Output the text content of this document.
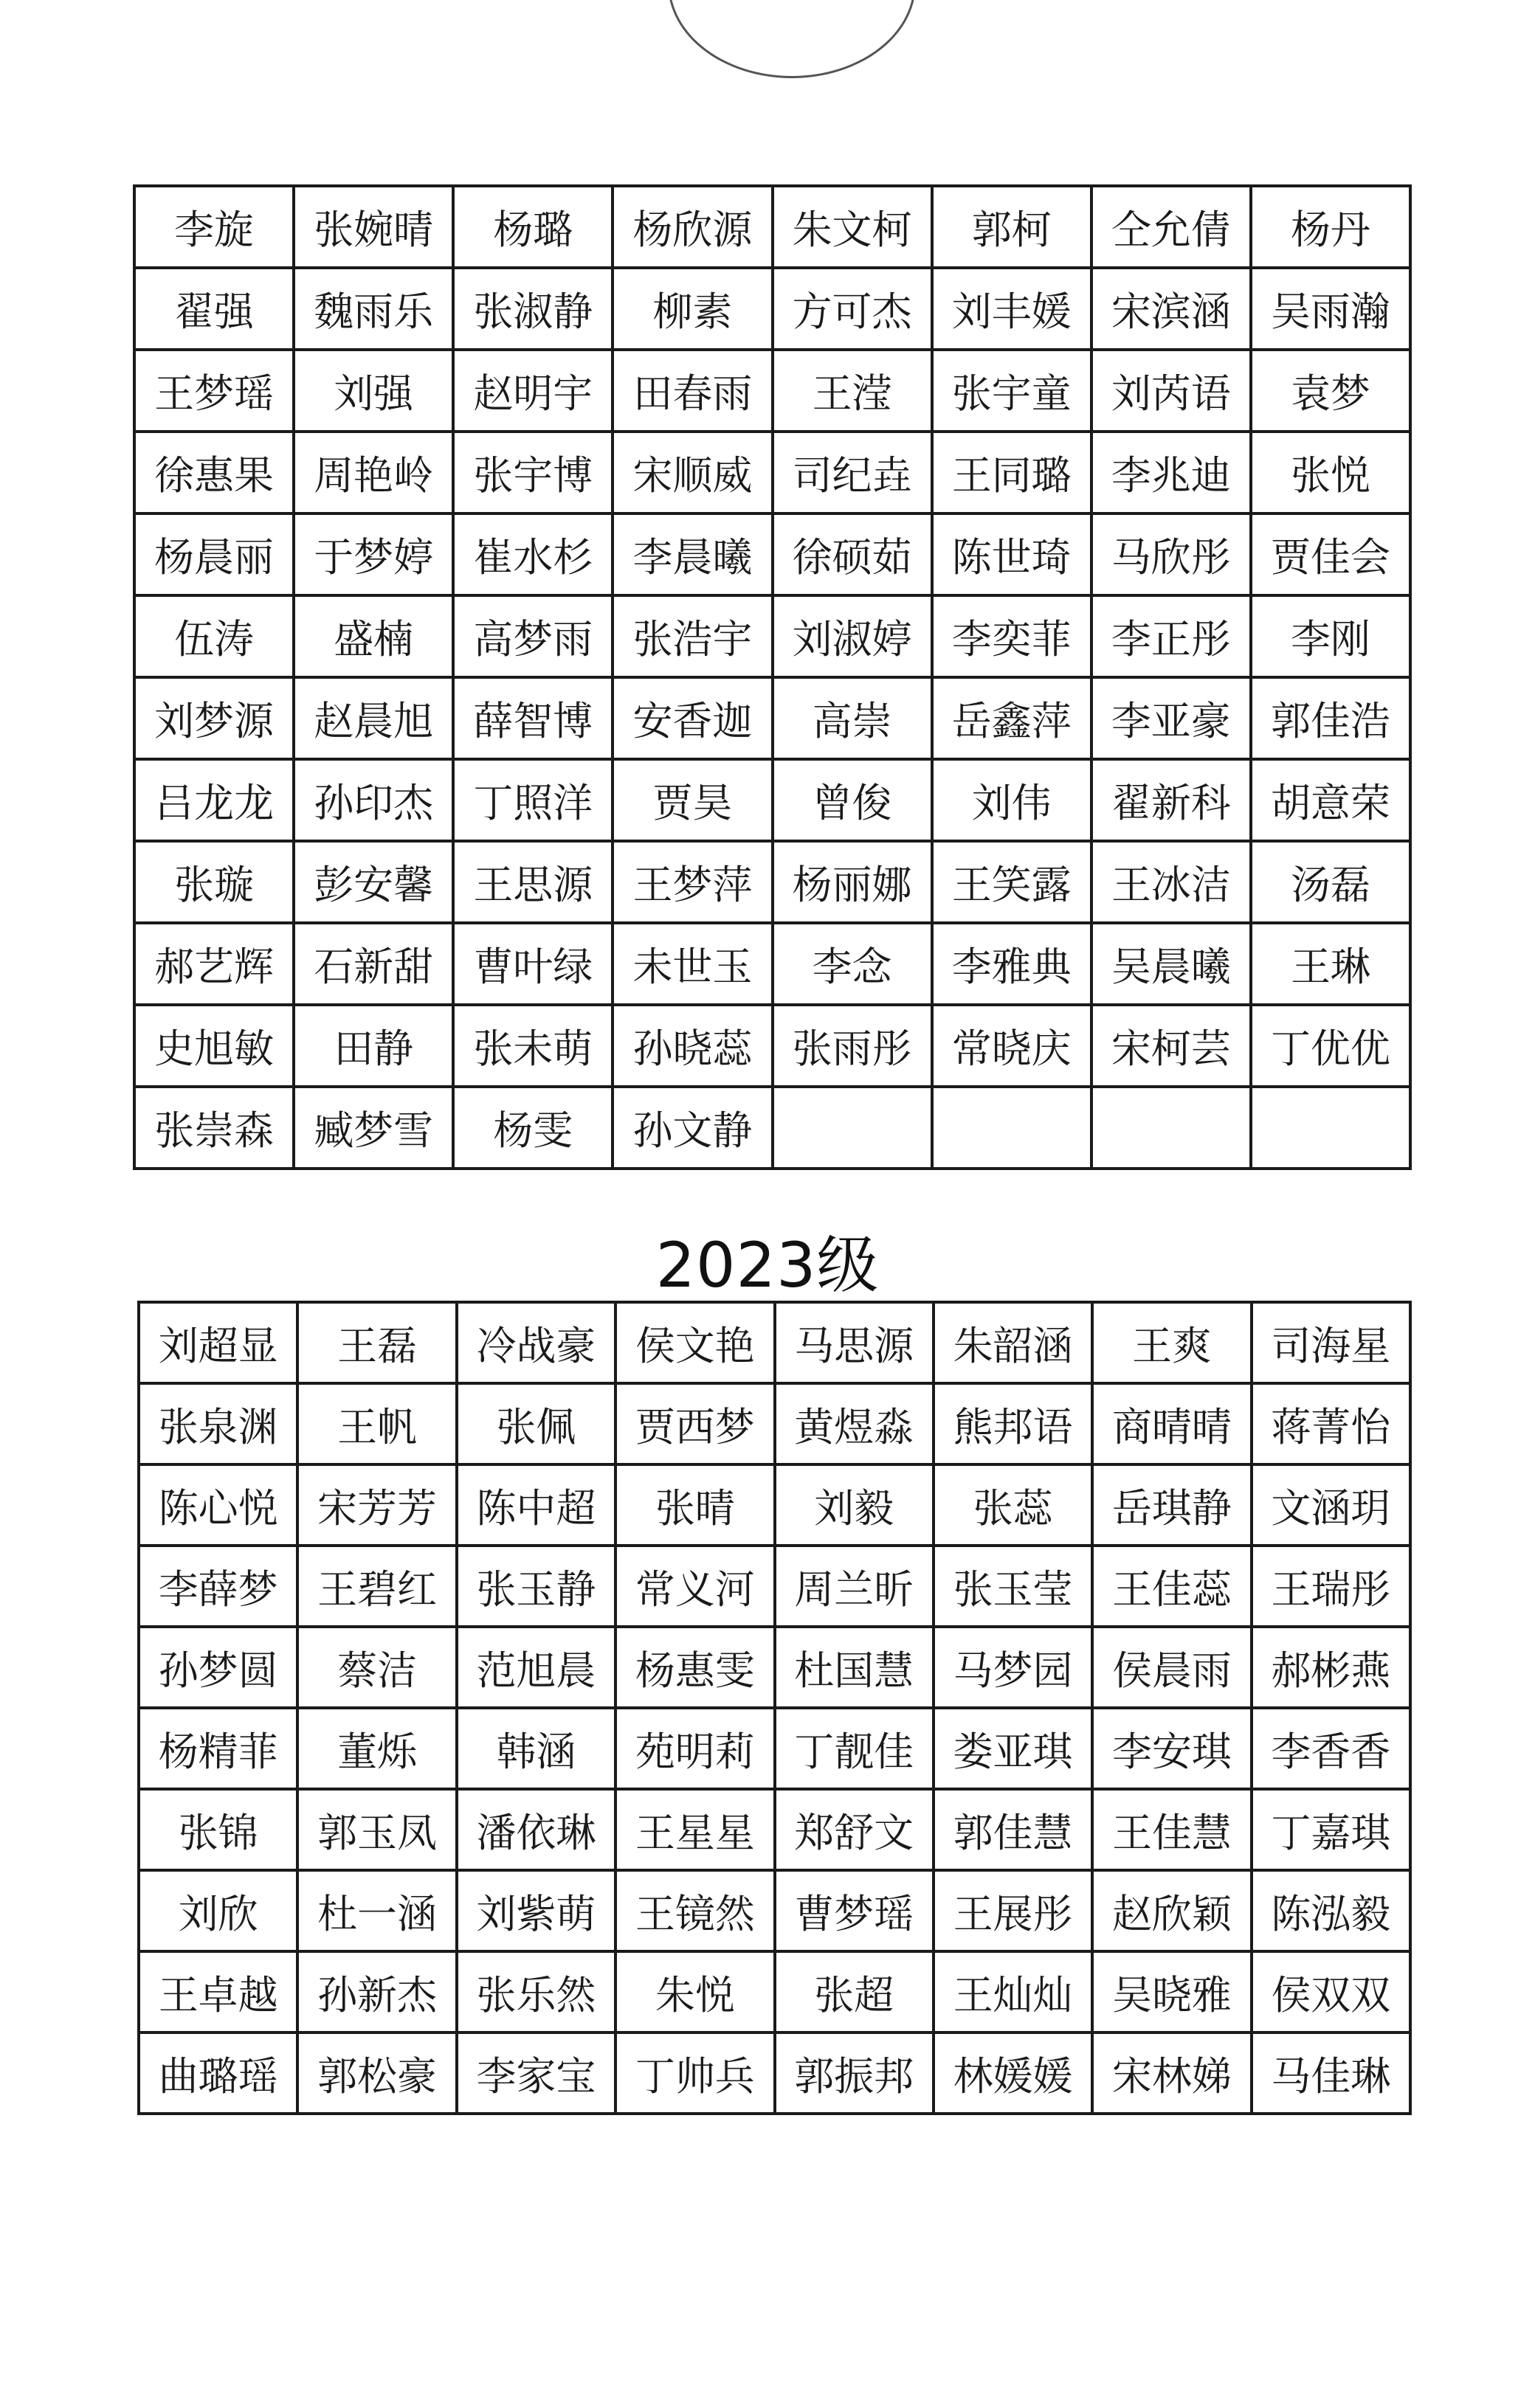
李旋	张婉晴	杨璐	杨欣源	朱文柯	郭柯	仝允倩	杨丹
翟强	魏雨乐	张淑静	柳素	方可杰	刘丰媛	宋滨涵	吴雨瀚
王梦瑶	刘强	赵明宇	田春雨	王滢	张宇童	刘芮语	袁梦
徐惠果	周艳岭	张宇博	宋顺威	司纪垚	王同璐	李兆迪	张悦
杨晨丽	于梦婷	崔水杉	李晨曦	徐硕茹	陈世琦	马欣彤	贾佳会
伍涛	盛楠	高梦雨	张浩宇	刘淑婷	李奕菲	李正彤	李刚
刘梦源	赵晨旭	薛智博	安香迦	高崇	岳鑫萍	李亚豪	郭佳浩
吕龙龙	孙印杰	丁照洋	贾昊	曾俊	刘伟	翟新科	胡意荣
张璇	彭安馨	王思源	王梦萍	杨丽娜	王笑露	王冰洁	汤磊
郝艺辉	石新甜	曹叶绿	未世玉	李念	李雅典	吴晨曦	王琳
史旭敏	田静	张未萌	孙晓蕊	张雨彤	常晓庆	宋柯芸	丁优优
张崇森	臧梦雪	杨雯	孙文静				
2023级
刘超显	王磊	冷战豪	侯文艳	马思源	朱韶涵	王爽	司海星
张泉渊	王帆	张佩	贾西梦	黄煜淼	熊邦语	商晴晴	蒋菁怡
陈心悦	宋芳芳	陈中超	张晴	刘毅	张蕊	岳琪静	文涵玥
李薛梦	王碧红	张玉静	常义河	周兰昕	张玉莹	王佳蕊	王瑞彤
孙梦圆	蔡洁	范旭晨	杨惠雯	杜国慧	马梦园	侯晨雨	郝彬燕
杨精菲	董烁	韩涵	苑明莉	丁靓佳	娄亚琪	李安琪	李香香
张锦	郭玉凤	潘依琳	王星星	郑舒文	郭佳慧	王佳慧	丁嘉琪
刘欣	杜一涵	刘紫萌	王镜然	曹梦瑶	王展彤	赵欣颖	陈泓毅
王卓越	孙新杰	张乐然	朱悦	张超	王灿灿	吴晓雅	侯双双
曲璐瑶	郭松豪	李家宝	丁帅兵	郭振邦	林媛媛	宋林娣	马佳琳
